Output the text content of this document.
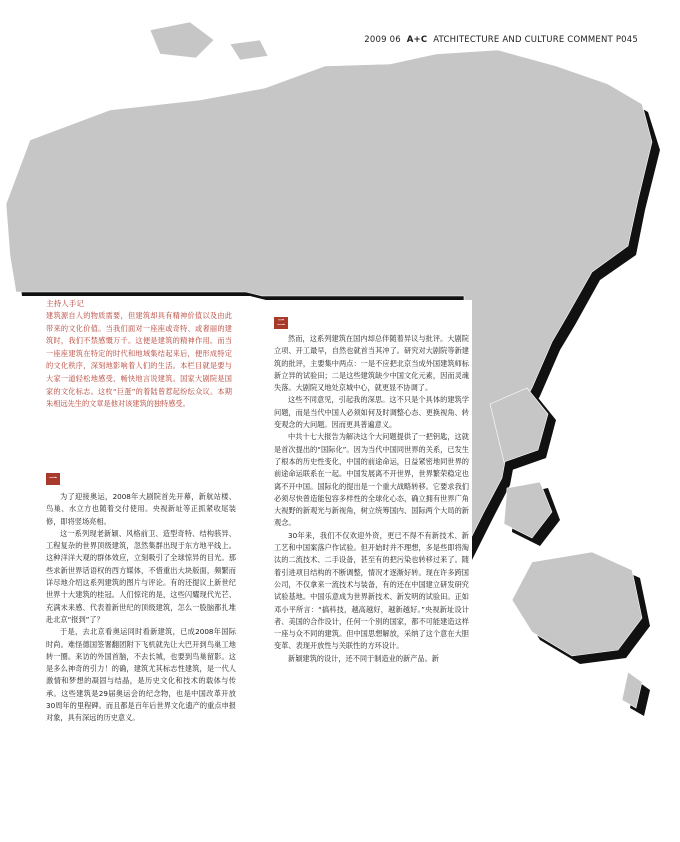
2009 06 A+C ATCHITECTURE AND CULTURE COMMENT P045

主持人手记

建筑源自人的物质需要，但建筑却具有精神价值以及由此带来的文化价值。当我们面对一座座或奇特、或奢丽的建筑时，我们不禁感慨万千。这便是建筑的精神作用。而当一座座建筑在特定的时代和地域集结起来后，便形成特定的文化秩序，深刻地影响着人们的生活。本栏目就是要与大家一道轻松地感受、畅快地言说建筑。国家大剧院是国家的文化标志。这枚“巨蛋”的着陆曾惹起纷纭众议。本期朱相远先生的文章是他对该建筑的独特感受。

一

为了迎接奥运，2008年大剧院首先开幕，新航站楼、鸟巢、水立方也随着交付使用。央视新址等正抓紧收尾装修，即将竖场亮相。

这一系列现老新颖、风格前卫、造型奇特、结构骇异、工程复杂的世界顶级建筑，忽然集群出现于东方地平线上。这种洋洋大观的群体效应，立刻吸引了全球惊异的目光。那些求新世界话语权的西方媒体，不惜重出大块版面，频繁而详尽地介绍这系列建筑的图片与评论。有的还提议上新世纪世界十大建筑的桂冠。人们惊诧的是，这些闪耀现代光芒、充满未来感、代表着新世纪的顶级建筑，怎么一股脑都扎堆赴北京“报到”了？

于是，去北京看奥运同时看新建筑，已成2008年国际时尚。难怪德国签署翻团附下飞机就先让大巴开到鸟巢工地转一圈。来访的外国首脑，不去长城，也要到鸟巢留影。这是多么神奇的引力！的确，建筑尤其标志性建筑，是一代人激情和梦想的凝固与结晶，是历史文化和技术的载体与传承。这些建筑是29届奥运会的纪念物，也是中国改革开放30周年的里程碑。而且都是百年后世界文化遗产的重点申报对象，具有深远的历史意义。

二

然而，这系列建筑在国内却总伴随着异议与批评。大剧院立项、开工最早，自然也就首当其冲了。研究对大剧院等新建筑的批评，主要集中两点：一是不应把北京当成外国建筑师标新立异的试验田；二是这些建筑缺少中国文化元素，因而灵魂失落。大剧院又地处京城中心，就更显不协调了。

这些不同意见，引起我的深思。这不只是个具体的建筑学问题，而是当代中国人必须如何及时调整心态、更换视角、转变观念的大问题。因而更具普遍意义。

中共十七大报告为解决这个大问题提供了一把钥匙，这就是首次提出的“国际化”。因为当代中国同世界的关系，已发生了根本的历史性变化，中国的前途命运，日益紧密地同世界的前途命运联系在一起。中国发展离不开世界，世界繁荣稳定也离不开中国。国际化的提出是一个重大战略转移。它要求我们必须尽快曾造能包容多样性的全球化心态，确立拥有世界广角大视野的新观光与新视角，树立统筹国内、国际两个大局的新观念。

30年来，我们不仅欢迎外资，更已不得不有新技术、新工艺和中国案落户作试验。但开始时并不理想，多是些即将淘汰的二流技术、二手设备，甚至有的把污染也转移过来了。随着引进项目结构的不断调整，情况才逐渐好转。现在许多跨国公司，不仅拿来一流技术与装备，有的还在中国建立研发研究试验基地。中国乐意成为世界新技术、新发明的试验田。正如邓小平所言：“搞科技，越高越好，越新越好。”央视新址设计者、美国的合作设计，任何一个别的国家，都不可能建造这样一座与众不同的建筑。但中国思想解放，采纳了这个意在大胆变革、表现开放性与关联性的方环设计。

新颖建筑的设计，还不同于制造业的新产品。新
